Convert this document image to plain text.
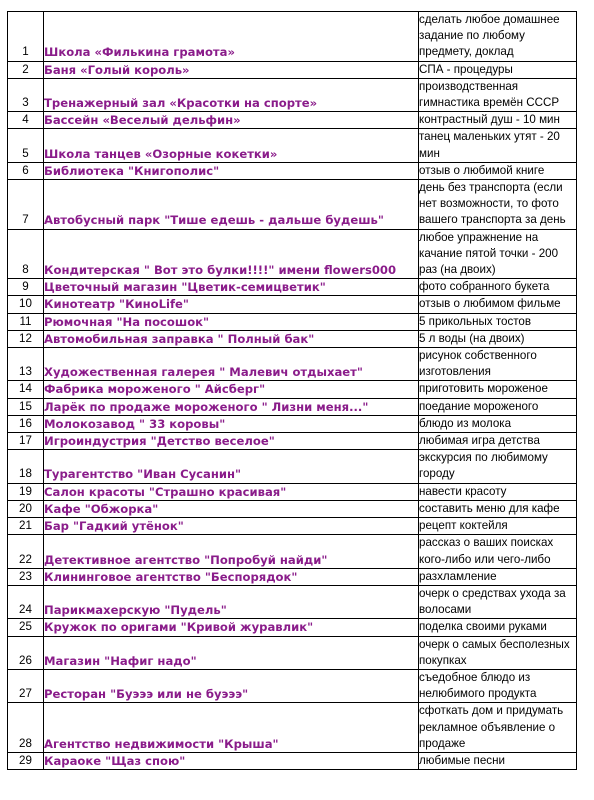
1	Школа «Филькина грамота»	сделать любое домашнее задание по любому предмету, доклад
2	Баня «Голый король»	СПА - процедуры
3	Тренажерный зал «Красотки на спорте»	производственная гимнастика времён СССР
4	Бассейн «Веселый дельфин»	контрастный душ - 10 мин
5	Школа танцев «Озорные кокетки»	танец маленьких утят - 20 мин
6	Библиотека "Книгополис"	отзыв о любимой книге
7	Автобусный парк "Тише едешь - дальше будешь"	день без транспорта (если нет возможности, то фото вашего транспорта за день
8	Кондитерская " Вот это булки!!!!" имени flowers000	любое упражнение на качание пятой точки - 200 раз (на двоих)
9	Цветочный магазин "Цветик-семицветик"	фото собранного букета
10	Кинотеатр "КиноLife"	отзыв о любимом фильме
11	Рюмочная "На посошок"	5 прикольных тостов
12	Автомобильная заправка " Полный бак"	5 л воды (на двоих)
13	Художественная галерея " Малевич отдыхает"	рисунок собственного изготовления
14	Фабрика мороженого " Айсберг"	приготовить мороженое
15	Ларёк по продаже мороженого " Лизни меня..."	поедание мороженого
16	Молокозавод " 33 коровы"	блюдо из молока
17	Игроиндустрия "Детство веселое"	любимая игра детства
18	Турагентство "Иван Сусанин"	экскурсия по любимому городу
19	Салон красоты "Страшно красивая"	навести красоту
20	Кафе "Обжорка"	составить меню для кафе
21	Бар "Гадкий утёнок"	рецепт коктейля
22	Детективное агентство "Попробуй найди"	рассказ о ваших поисках кого-либо или чего-либо
23	Клининговое агентство "Беспорядок"	разхламление
24	Парикмахерскую "Пудель"	очерк о средствах ухода за волосами
25	Кружок по оригами "Кривой журавлик"	поделка своими руками
26	Магазин "Нафиг надо"	очерк о самых бесполезных покупках
27	Ресторан "Буэээ или не буэээ"	съедобное блюдо из нелюбимого продукта
28	Агентство недвижимости "Крыша"	сфоткать дом и придумать рекламное объявление о продаже
29	Караоке "Щаз спою"	любимые песни
